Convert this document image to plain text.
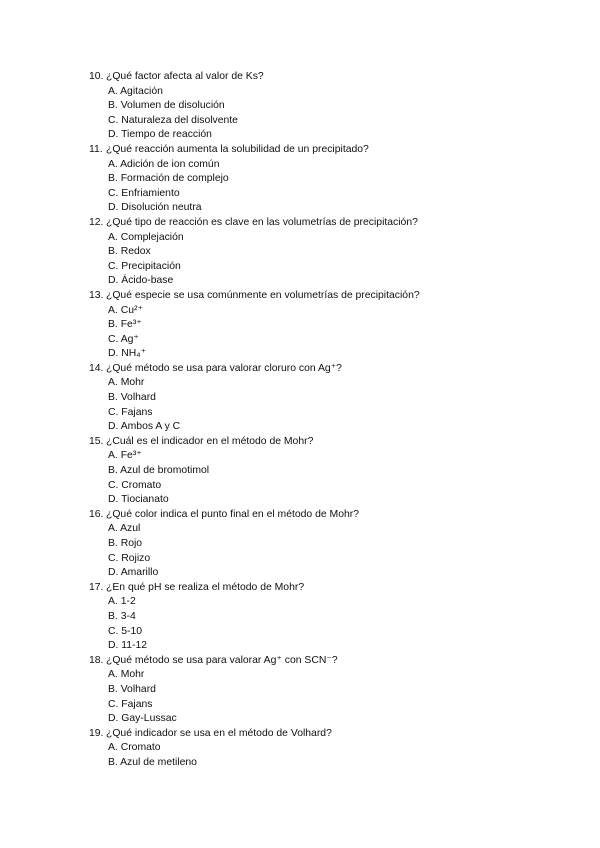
10. ¿Qué factor afecta al valor de Ks?
A. Agitación
B. Volumen de disolución
C. Naturaleza del disolvente
D. Tiempo de reacción
11. ¿Qué reacción aumenta la solubilidad de un precipitado?
A. Adición de ion común
B. Formación de complejo
C. Enfriamiento
D. Disolución neutra
12. ¿Qué tipo de reacción es clave en las volumetrías de precipitación?
A. Complejación
B. Redox
C. Precipitación
D. Ácido-base
13. ¿Qué especie se usa comúnmente en volumetrías de precipitación?
A. Cu²⁺
B. Fe³⁺
C. Ag⁺
D. NH₄⁺
14. ¿Qué método se usa para valorar cloruro con Ag⁺?
A. Mohr
B. Volhard
C. Fajans
D. Ambos A y C
15. ¿Cuál es el indicador en el método de Mohr?
A. Fe³⁺
B. Azul de bromotimol
C. Cromato
D. Tiocianato
16. ¿Qué color indica el punto final en el método de Mohr?
A. Azul
B. Rojo
C. Rojizo
D. Amarillo
17. ¿En qué pH se realiza el método de Mohr?
A. 1-2
B. 3-4
C. 5-10
D. 11-12
18. ¿Qué método se usa para valorar Ag⁺ con SCN⁻?
A. Mohr
B. Volhard
C. Fajans
D. Gay-Lussac
19. ¿Qué indicador se usa en el método de Volhard?
A. Cromato
B. Azul de metileno
